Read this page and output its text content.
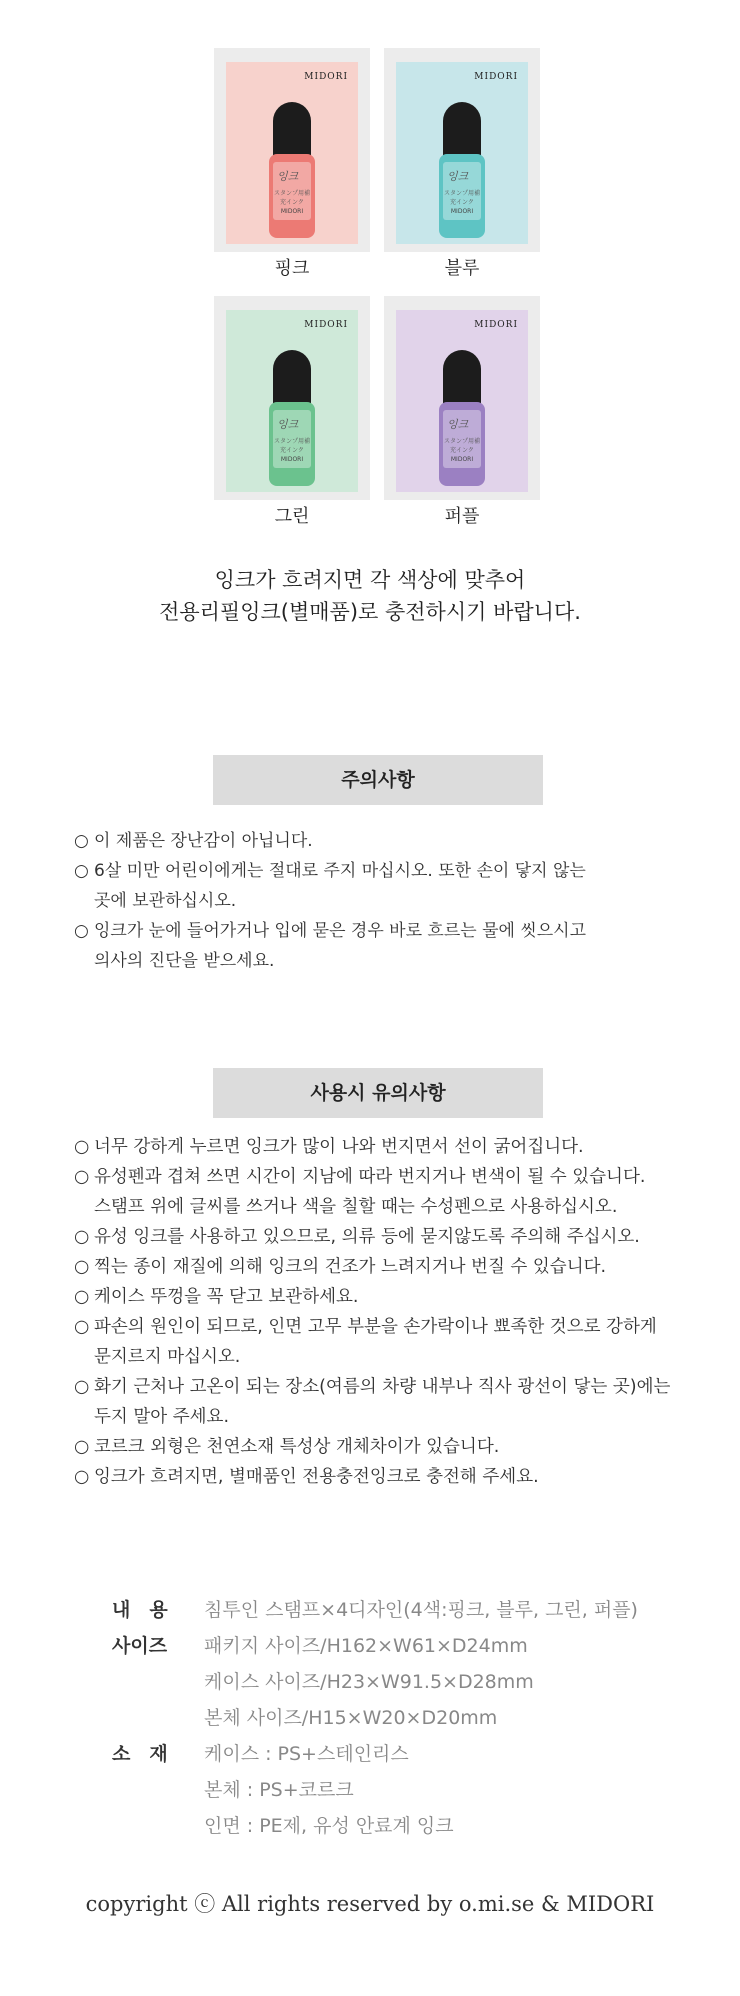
MIDORI
잉크
スタンプ用補充インク
MIDORI
핑크
MIDORI
잉크
スタンプ用補充インク
MIDORI
블루
MIDORI
잉크
スタンプ用補充インク
MIDORI
그린
MIDORI
잉크
スタンプ用補充インク
MIDORI
퍼플
잉크가 흐려지면 각 색상에 맞추어
전용리필잉크(별매품)로 충전하시기 바랍니다.
주의사항
○ 이 제품은 장난감이 아닙니다.
○ 6살 미만 어린이에게는 절대로 주지 마십시오. 또한 손이 닿지 않는
곳에 보관하십시오.
○ 잉크가 눈에 들어가거나 입에 묻은 경우 바로 흐르는 물에 씻으시고
의사의 진단을 받으세요.
사용시 유의사항
○ 너무 강하게 누르면 잉크가 많이 나와 번지면서 선이 굵어집니다.
○ 유성펜과 겹쳐 쓰면 시간이 지남에 따라 번지거나 변색이 될 수 있습니다.
스탬프 위에 글씨를 쓰거나 색을 칠할 때는 수성펜으로 사용하십시오.
○ 유성 잉크를 사용하고 있으므로, 의류 등에 묻지않도록 주의해 주십시오.
○ 찍는 종이 재질에 의해 잉크의 건조가 느려지거나 번질 수 있습니다.
○ 케이스 뚜껑을 꼭 닫고 보관하세요.
○ 파손의 원인이 되므로, 인면 고무 부분을 손가락이나 뾰족한 것으로 강하게
문지르지 마십시오.
○ 화기 근처나 고온이 되는 장소(여름의 차량 내부나 직사 광선이 닿는 곳)에는
두지 말아 주세요.
○ 코르크 외형은 천연소재 특성상 개체차이가 있습니다.
○ 잉크가 흐려지면, 별매품인 전용충전잉크로 충전해 주세요.
내　용	침투인 스탬프×4디자인(4색:핑크, 블루, 그린, 퍼플)
사이즈	패키지 사이즈/H162×W61×D24mm
케이스 사이즈/H23×W91.5×D28mm
본체 사이즈/H15×W20×D20mm
소　재	케이스 : PS+스테인리스
본체 : PS+코르크
인면 : PE제, 유성 안료계 잉크
copyright ⓒ All rights reserved by o.mi.se & MIDORI
